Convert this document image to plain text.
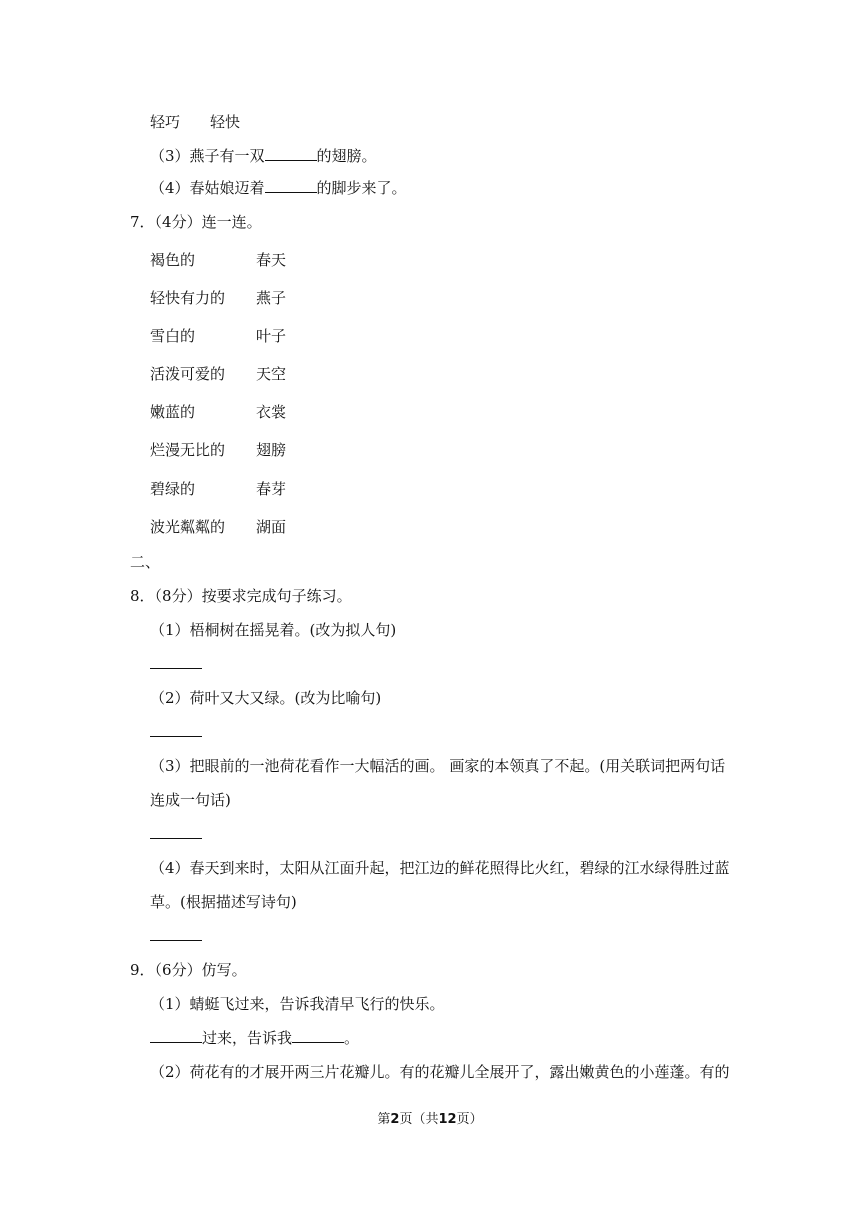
轻巧 轻快
（3）燕子有一双	的翅膀。
（4）春姑娘迈着	的脚步来了。
7．（4分）连一连。
褐色的	春天
轻快有力的 燕子
雪白的	叶子
活泼可爱的 天空
嫩蓝的	衣裳
烂漫无比的 翅膀
碧绿的	春芽
波光粼粼的 湖面
二、
8．（8分）按要求完成句子练习。
（1）梧桐树在摇晃着。(改为拟人句)
（2）荷叶又大又绿。(改为比喻句)
（3）把眼前的一池荷花看作一大幅活的画。 画家的本领真了不起。(用关联词把两句话
连成一句话)
（4）春天到来时，太阳从江面升起，把江边的鲜花照得比火红，碧绿的江水绿得胜过蓝
草。(根据描述写诗句)
9．（6分）仿写。
（1）蜻蜓飞过来，告诉我清早飞行的快乐。
过来，告诉我	。
（2）荷花有的才展开两三片花瓣儿。有的花瓣儿全展开了，露出嫩黄色的小莲蓬。有的
第2页（共12页）
